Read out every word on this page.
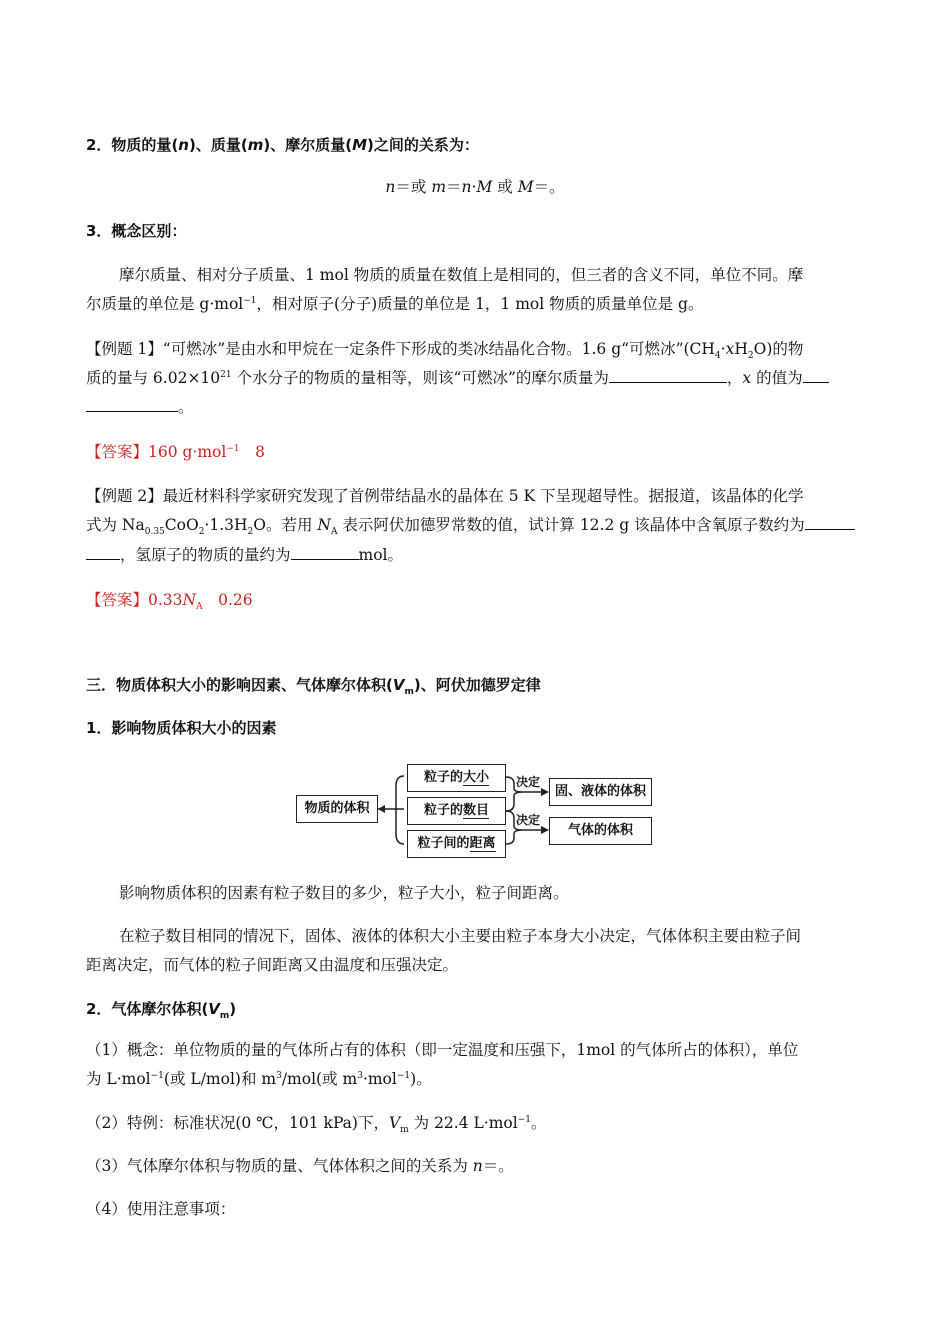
2．物质的量(n)、质量(m)、摩尔质量(M)之间的关系为：
n＝或 m＝n·M 或 M＝。
3．概念区别：
摩尔质量、相对分子质量、1 mol 物质的质量在数值上是相同的，但三者的含义不同，单位不同。摩
尔质量的单位是 g·mol$^{-1}$，相对原子(分子)质量的单位是 1，1 mol 物质的质量单位是 g。
【例题 1】“可燃冰”是由水和甲烷在一定条件下形成的类冰结晶化合物。1.6 g“可燃冰$”(CH_4\cdot xH_2O)$的物
质的量与 $6.02\times 10^{21}$ 个水分子的物质的量相等，则该“可燃冰”的摩尔质量为	，x 的值为
。
【答案】160 g·mol$^{-1}$　8
【例题 2】最近材料科学家研究发现了首例带结晶水的晶体在 5 K 下呈现超导性。据报道，该晶体的化学
式为 $Na_{0.35}CoO_2\cdot 1.3H_2O$。若用 $N_A$ 表示阿伏加德罗常数的值，试计算 12.2 g 该晶体中含氧原子数约为
，氢原子的物质的量约为	mol。
【答案】$0.33N_A$　0.26
三．物质体积大小的影响因素、气体摩尔体积$(V_m)$、阿伏加德罗定律
1．影响物质体积大小的因素
物质的体积
粒子的大小
粒子的数目
粒子间的距离
决定
决定
固、液体的体积
气体的体积
影响物质体积的因素有粒子数目的多少，粒子大小，粒子间距离。
在粒子数目相同的情况下，固体、液体的体积大小主要由粒子本身大小决定，气体体积主要由粒子间
距离决定，而气体的粒子间距离又由温度和压强决定。
2．气体摩尔体积$(V_m)$
（1）概念：单位物质的量的气体所占有的体积（即一定温度和压强下，1mol 的气体所占的体积），单位
为 L·mol$^{-1}$(或 L/mol)和 $m^3/mol$(或 $m^3\cdot mol^{-1}$)。
（2）特例：标准状况(0 ℃，101 kPa)下，$V_m$ 为 22.4 L·mol$^{-1}$。
（3）气体摩尔体积与物质的量、气体体积之间的关系为 n＝。
（4）使用注意事项：
